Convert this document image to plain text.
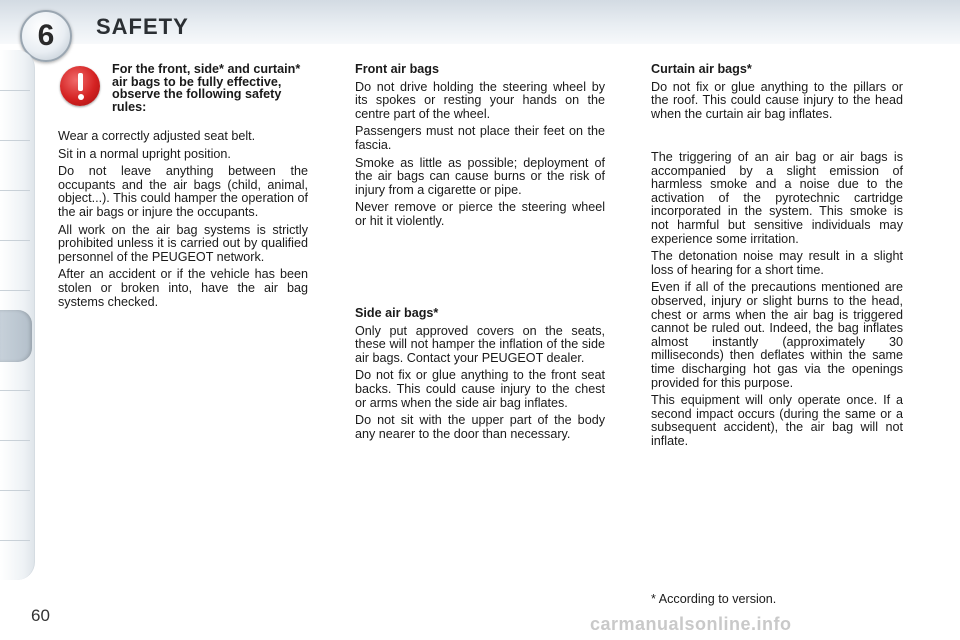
6	SAFETY

For the front, side* and curtain* air bags to be fully effective, observe the following safety rules:

Wear a correctly adjusted seat belt.

Sit in a normal upright position.

Do not leave anything between the occupants and the air bags (child, animal, object...). This could hamper the operation of the air bags or injure the occupants.

All work on the air bag systems is strictly prohibited unless it is carried out by qualified personnel of the PEUGEOT network.

After an accident or if the vehicle has been stolen or broken into, have the air bag systems checked.

Front air bags

Do not drive holding the steering wheel by its spokes or resting your hands on the centre part of the wheel.

Passengers must not place their feet on the fascia.

Smoke as little as possible; deployment of the air bags can cause burns or the risk of injury from a cigarette or pipe.

Never remove or pierce the steering wheel or hit it violently.

Side air bags*

Only put approved covers on the seats, these will not hamper the inflation of the side air bags. Contact your PEUGEOT dealer.

Do not fix or glue anything to the front seat backs. This could cause injury to the chest or arms when the side air bag inflates.

Do not sit with the upper part of the body any nearer to the door than necessary.

Curtain air bags*

Do not fix or glue anything to the pillars or the roof. This could cause injury to the head when the curtain air bag inflates.

The triggering of an air bag or air bags is accompanied by a slight emission of harmless smoke and a noise due to the activation of the pyrotechnic cartridge incorporated in the system. This smoke is not harmful but sensitive individuals may experience some irritation.

The detonation noise may result in a slight loss of hearing for a short time.

Even if all of the precautions mentioned are observed, injury or slight burns to the head, chest or arms when the air bag is triggered cannot be ruled out. Indeed, the bag inflates almost instantly (approximately 30 milliseconds) then deflates within the same time discharging hot gas via the openings provided for this purpose.

This equipment will only operate once. If a second impact occurs (during the same or a subsequent accident), the air bag will not inflate.

* According to version.

60	carmanualsonline.info
